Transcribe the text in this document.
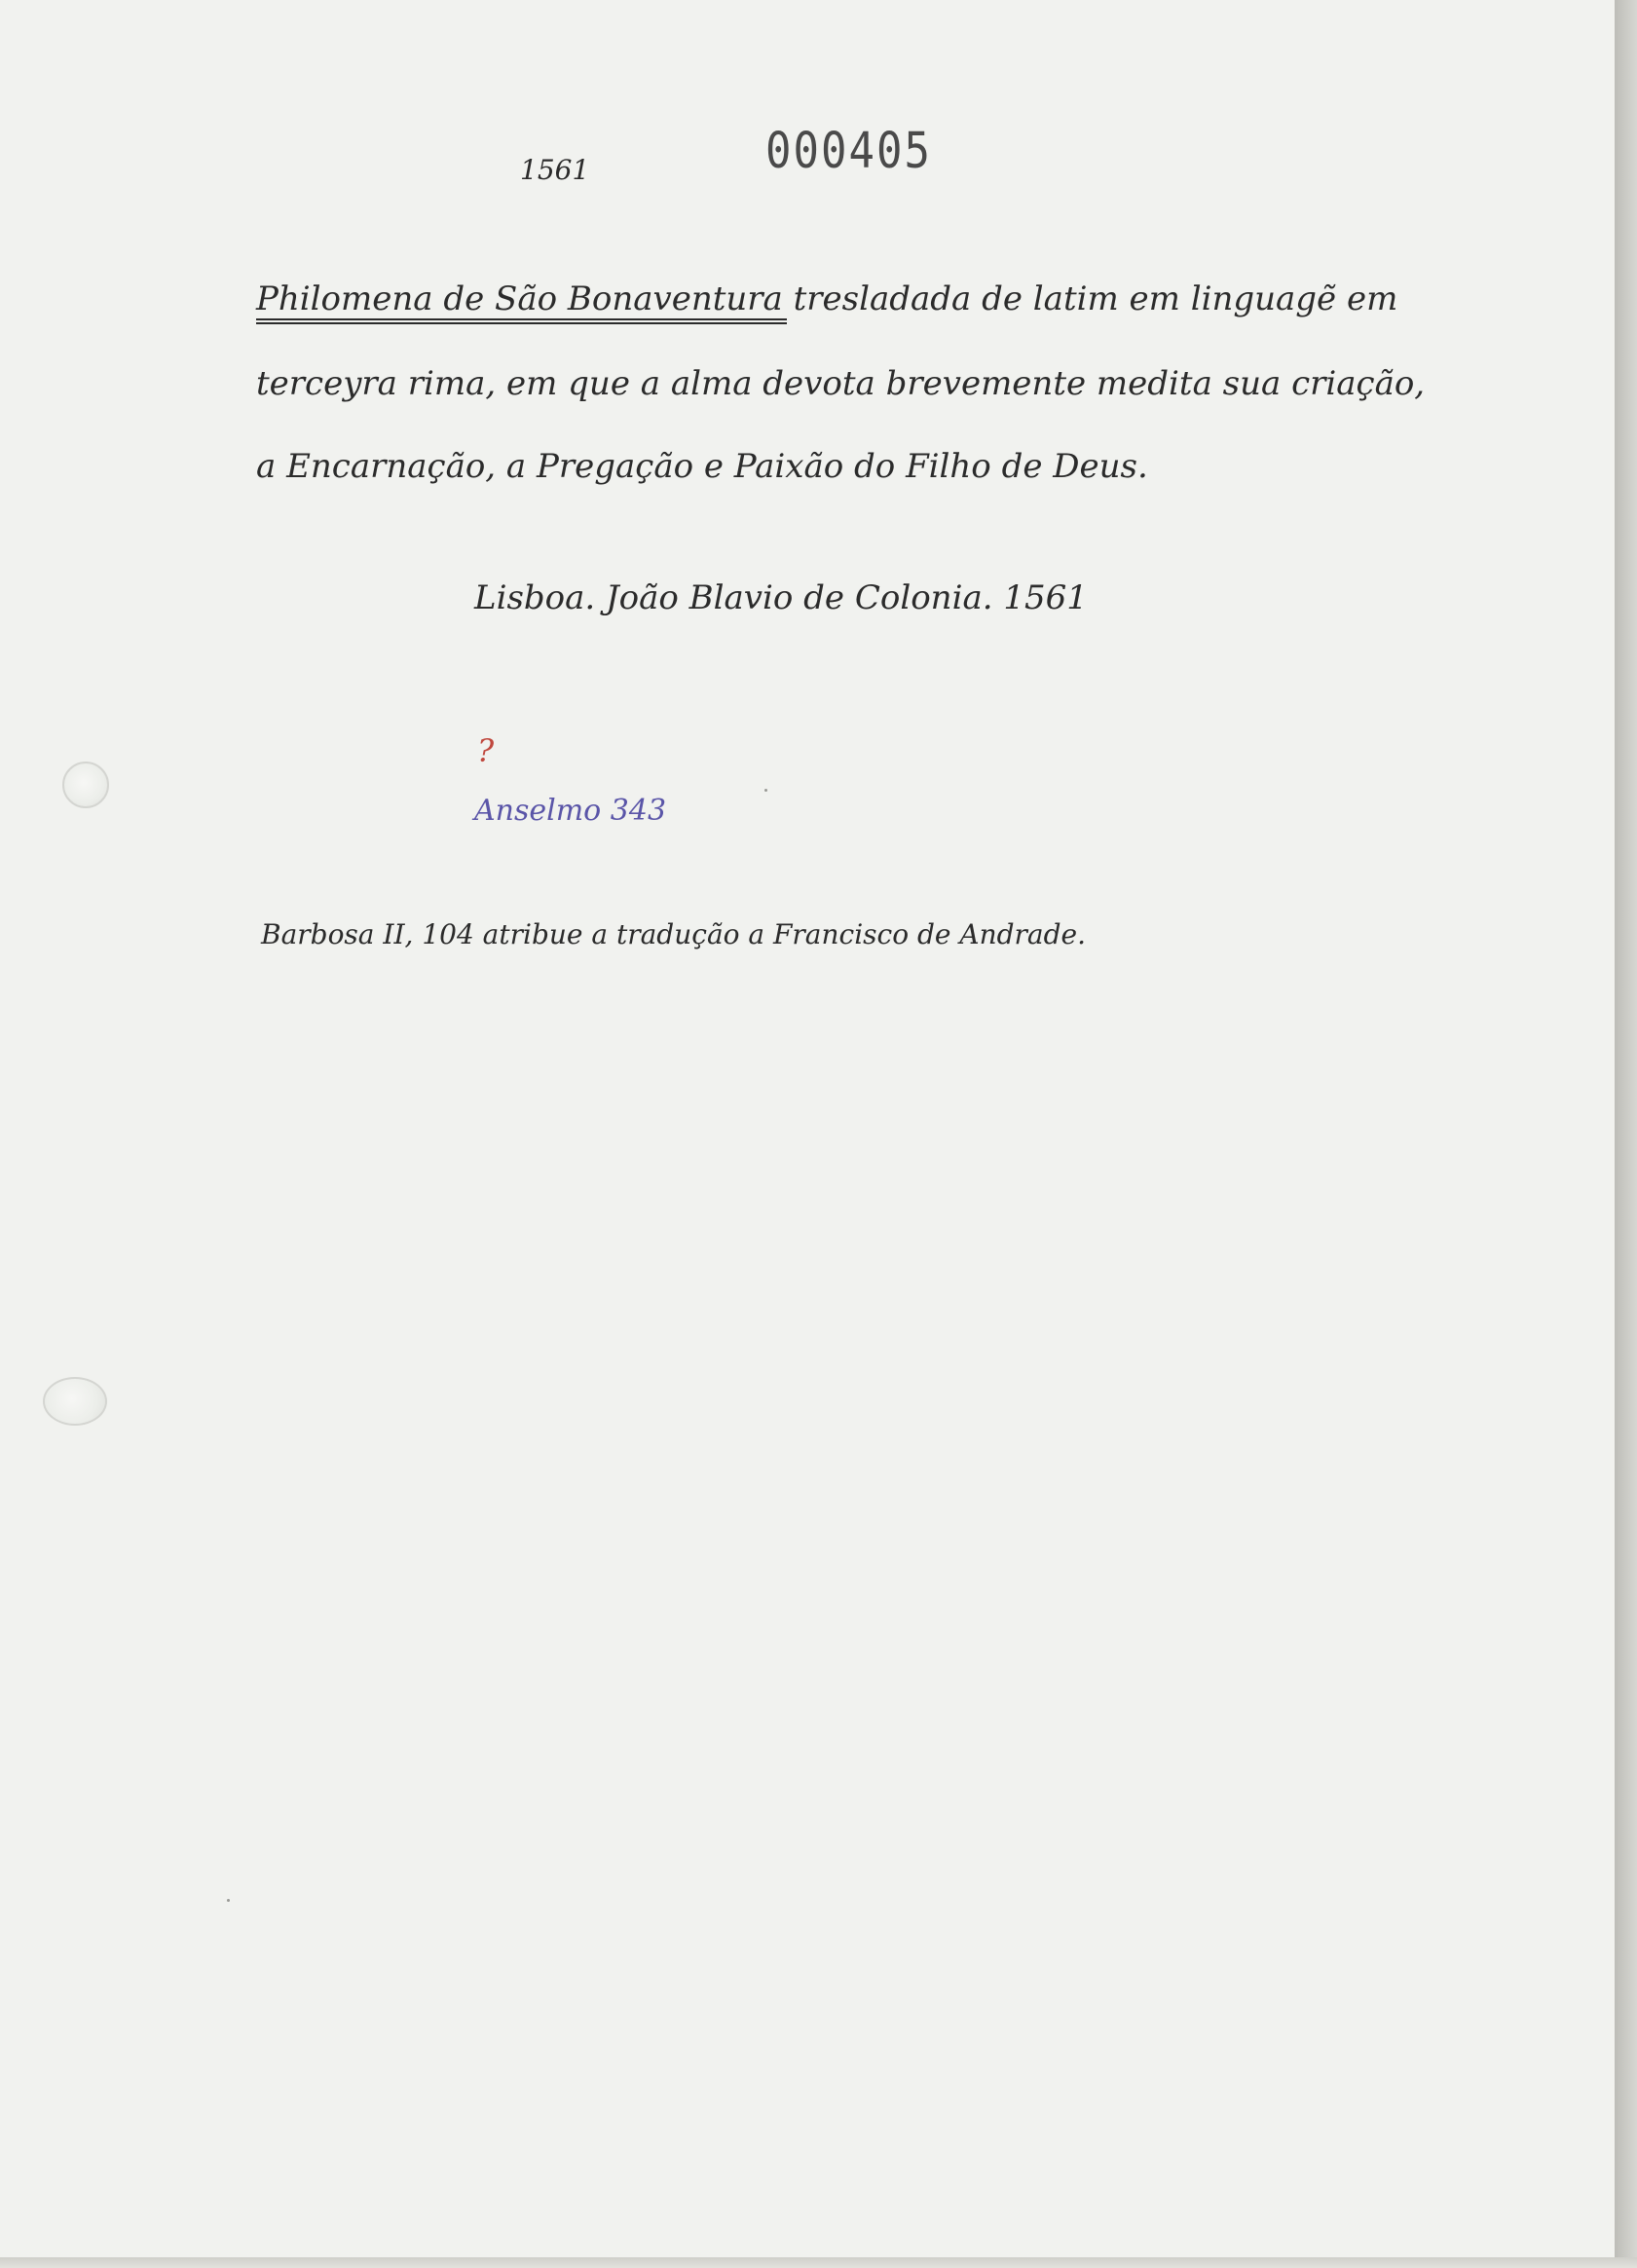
1561	000405
Philomena de São Bonaventura tresladada de latim em linguagẽ em
terceyra rima, em que a alma devota brevemente medita sua criação,
a Encarnação, a Pregação e Paixão do Filho de Deus.
Lisboa. João Blavio de Colonia. 1561
?
Anselmo 343
Barbosa II, 104 atribue a tradução a Francisco de Andrade.
